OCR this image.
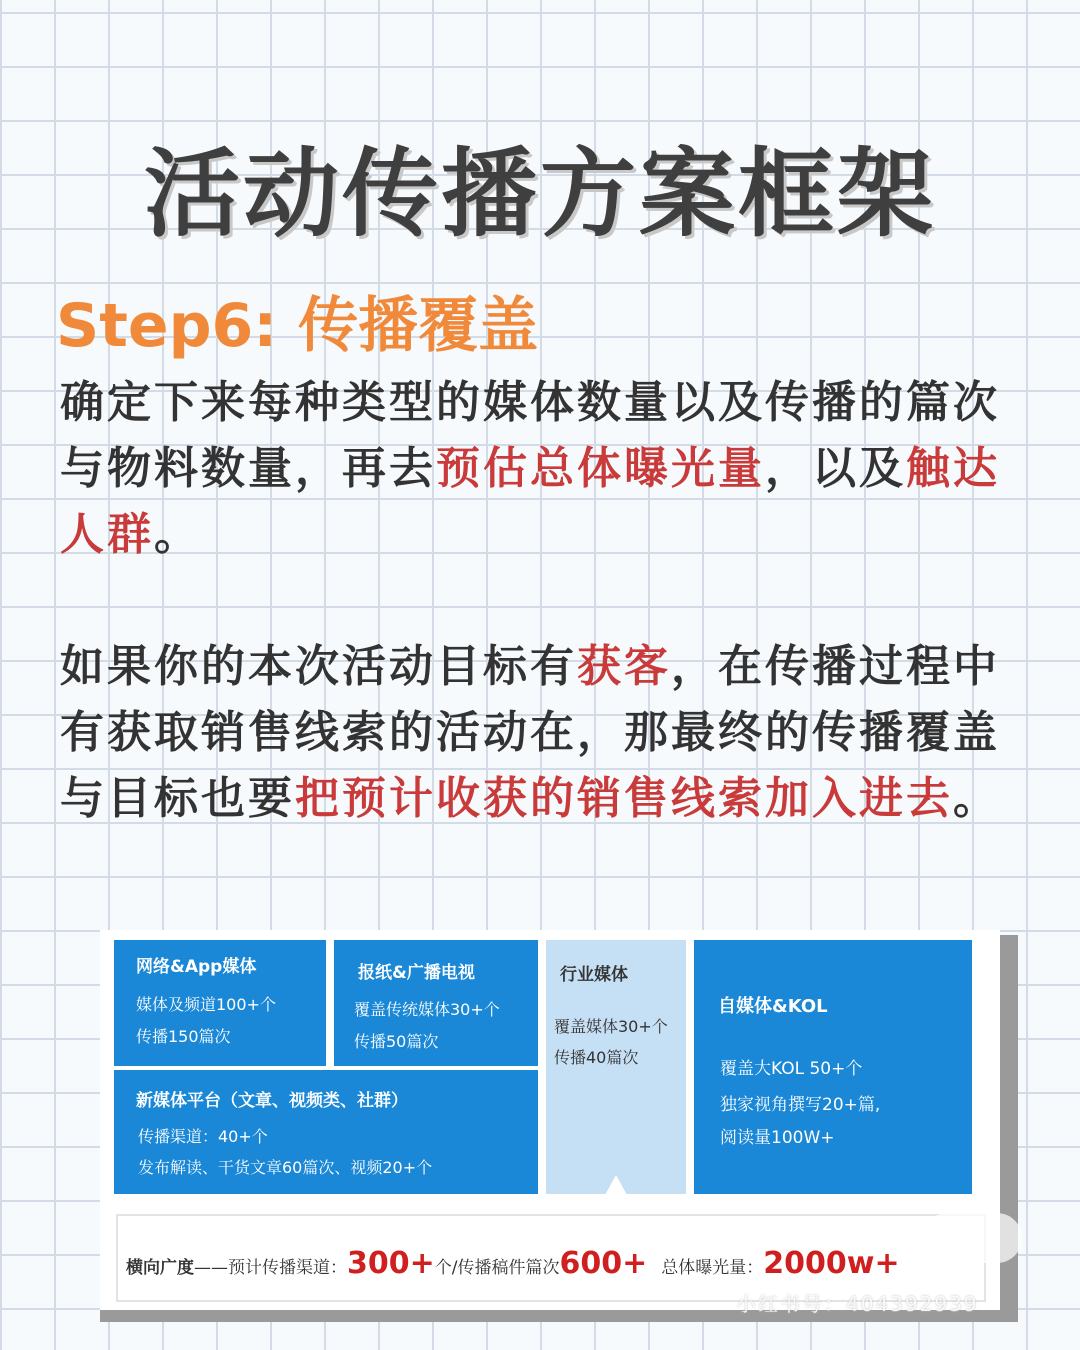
活动传播方案框架
Step6: 传播覆盖
确定下来每种类型的媒体数量以及传播的篇次与物料数量，再去预估总体曝光量，以及触达人群。
如果你的本次活动目标有获客，在传播过程中有获取销售线索的活动在，那最终的传播覆盖与目标也要把预计收获的销售线索加入进去。
网络&App媒体
媒体及频道100+个
传播150篇次
报纸&广播电视
覆盖传统媒体30+个
传播50篇次
行业媒体
覆盖媒体30+个
传播40篇次
自媒体&KOL
覆盖大KOL 50+个
独家视角撰写20+篇,
阅读量100W+
新媒体平台（文章、视频类、社群）
传播渠道：40+个
发布解读、干货文章60篇次、视频20+个
横向广度——预计传播渠道：300+个/传播稿件篇次600+ 总体曝光量：2000w+
小红书号：404392939
